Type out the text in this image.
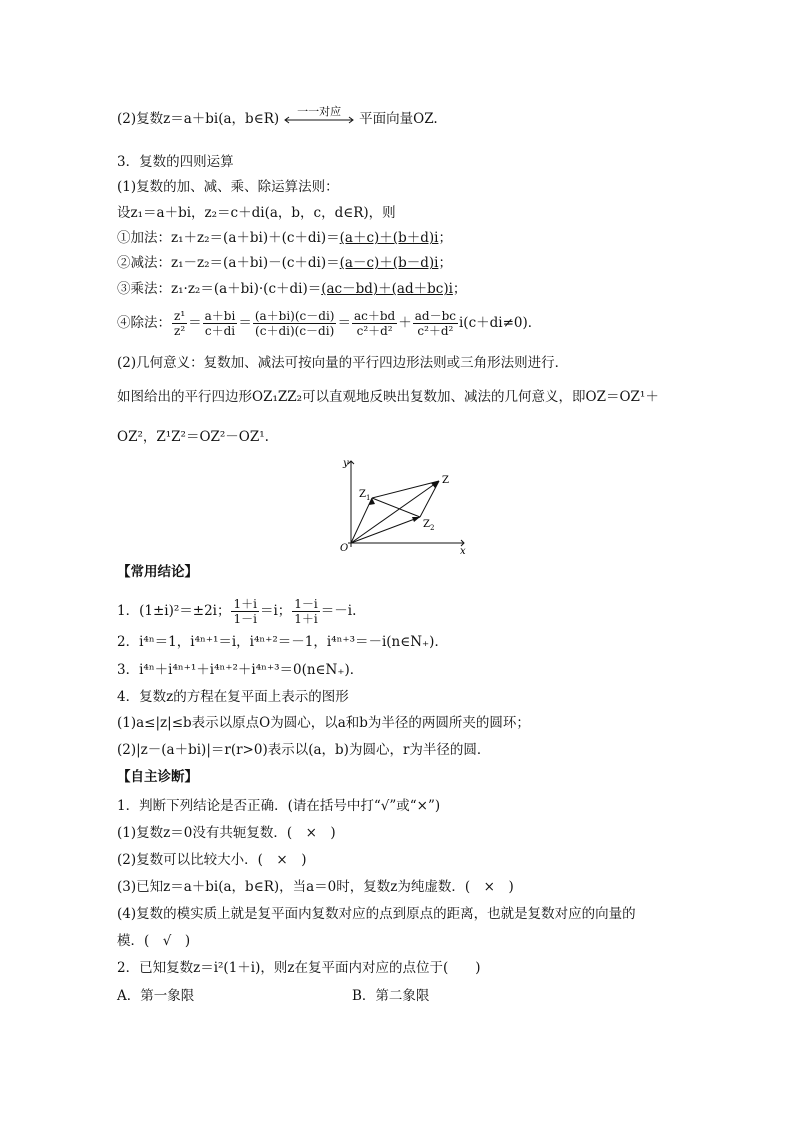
(2)复数z＝a＋bi(a，b∈R)	一一对应	平面向量OZ.
3．复数的四则运算
(1)复数的加、减、乘、除运算法则：
设z₁＝a＋bi，z₂＝c＋di(a，b，c，d∈R)，则
①加法：z₁＋z₂＝(a＋bi)＋(c＋di)＝(a＋c)＋(b＋d)i；
②减法：z₁－z₂＝(a＋bi)－(c＋di)＝(a－c)＋(b－d)i；
③乘法：z₁·z₂＝(a＋bi)·(c＋di)＝(ac－bd)＋(ad＋bc)i；
④除法： $\frac{\text{z¹}}{\text{z²}} = \frac{a+bi}{c+di} = \frac{(a+bi)(c-di)}{(c+di)(c-di)} = \frac{ac+bd}{\text{c²＋d²}} + \frac{ad-bc}{\text{c²＋d²}} i(c+di\ne 0)$．
(2)几何意义：复数加、减法可按向量的平行四边形法则或三角形法则进行．
如图给出的平行四边形OZ₁ZZ₂可以直观地反映出复数加、减法的几何意义，即OZ＝OZ¹＋
OZ²，Z¹Z²＝OZ²－OZ¹.
y
x
O
Z 1
Z
Z 2
【常用结论】
1．(1±i)²＝±2i； $\frac{1+i}{1-i} =i$； $\frac{1-i}{1+i} =-i$.
2．i⁴ⁿ＝1，i⁴ⁿ⁺¹＝i，i⁴ⁿ⁺²＝－1，i⁴ⁿ⁺³＝－i(n∈N₊)．
3．i⁴ⁿ＋i⁴ⁿ⁺¹＋i⁴ⁿ⁺²＋i⁴ⁿ⁺³＝0(n∈N₊)．
4．复数z的方程在复平面上表示的图形
(1)a≤|z|≤b表示以原点O为圆心，以a和b为半径的两圆所夹的圆环；
(2)|z－(a＋bi)|＝r(r>0)表示以(a，b)为圆心，r为半径的圆．
【自主诊断】
1．判断下列结论是否正确．(请在括号中打“√”或“×”)
(1)复数z＝0没有共轭复数．(　×　)
(2)复数可以比较大小．(　×　)
(3)已知z＝a＋bi(a，b∈R)，当a＝0时，复数z为纯虚数．(　×　)
(4)复数的模实质上就是复平面内复数对应的点到原点的距离，也就是复数对应的向量的
模．(　√　)
2．已知复数z＝i²(1＋i)，则z在复平面内对应的点位于(　　)
A．第一象限	B．第二象限
